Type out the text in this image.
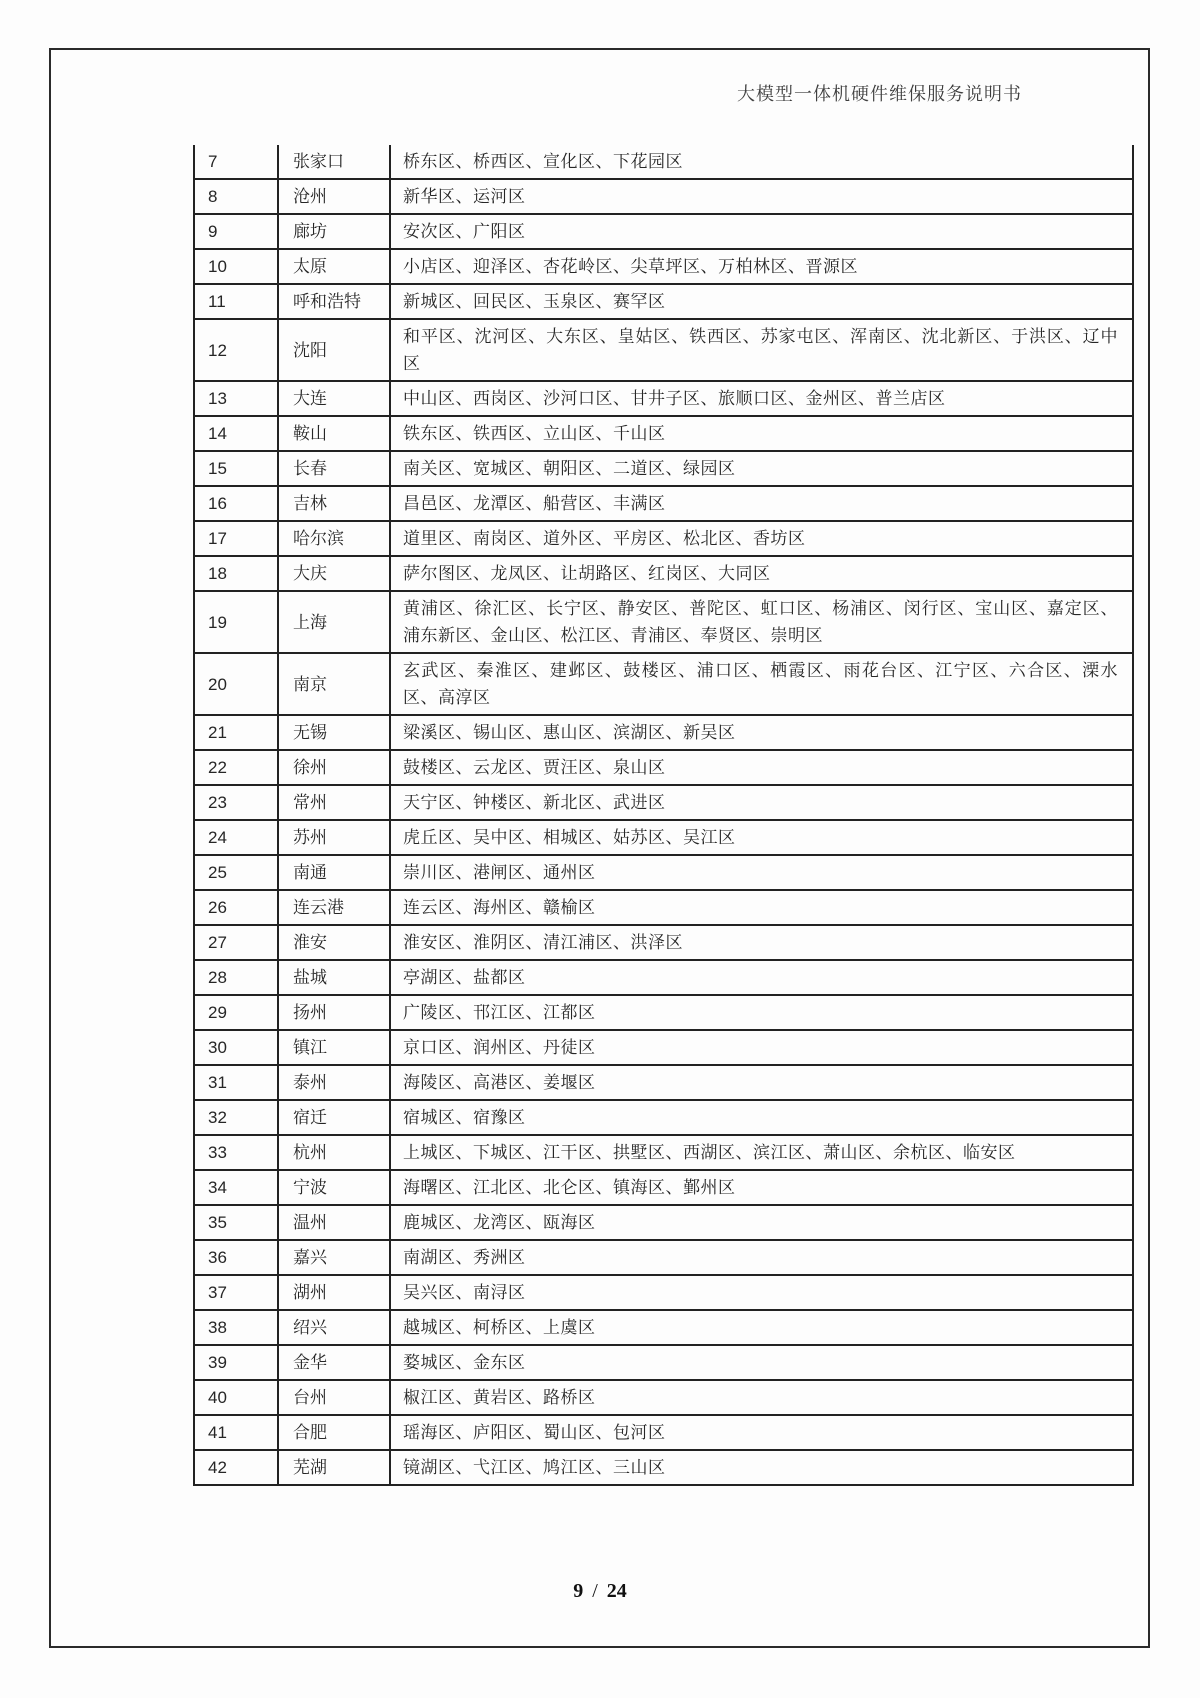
大模型一体机硬件维保服务说明书
7	张家口	桥东区、桥西区、宣化区、下花园区
8	沧州	新华区、运河区
9	廊坊	安次区、广阳区
10	太原	小店区、迎泽区、杏花岭区、尖草坪区、万柏林区、晋源区
11	呼和浩特	新城区、回民区、玉泉区、赛罕区
12	沈阳	和平区、沈河区、大东区、皇姑区、铁西区、苏家屯区、浑南区、沈北新区、于洪区、辽中区
13	大连	中山区、西岗区、沙河口区、甘井子区、旅顺口区、金州区、普兰店区
14	鞍山	铁东区、铁西区、立山区、千山区
15	长春	南关区、宽城区、朝阳区、二道区、绿园区
16	吉林	昌邑区、龙潭区、船营区、丰满区
17	哈尔滨	道里区、南岗区、道外区、平房区、松北区、香坊区
18	大庆	萨尔图区、龙凤区、让胡路区、红岗区、大同区
19	上海	黄浦区、徐汇区、长宁区、静安区、普陀区、虹口区、杨浦区、闵行区、宝山区、嘉定区、浦东新区、金山区、松江区、青浦区、奉贤区、崇明区
20	南京	玄武区、秦淮区、建邺区、鼓楼区、浦口区、栖霞区、雨花台区、江宁区、六合区、溧水区、高淳区
21	无锡	梁溪区、锡山区、惠山区、滨湖区、新吴区
22	徐州	鼓楼区、云龙区、贾汪区、泉山区
23	常州	天宁区、钟楼区、新北区、武进区
24	苏州	虎丘区、吴中区、相城区、姑苏区、吴江区
25	南通	崇川区、港闸区、通州区
26	连云港	连云区、海州区、赣榆区
27	淮安	淮安区、淮阴区、清江浦区、洪泽区
28	盐城	亭湖区、盐都区
29	扬州	广陵区、邗江区、江都区
30	镇江	京口区、润州区、丹徒区
31	泰州	海陵区、高港区、姜堰区
32	宿迁	宿城区、宿豫区
33	杭州	上城区、下城区、江干区、拱墅区、西湖区、滨江区、萧山区、余杭区、临安区
34	宁波	海曙区、江北区、北仑区、镇海区、鄞州区
35	温州	鹿城区、龙湾区、瓯海区
36	嘉兴	南湖区、秀洲区
37	湖州	吴兴区、南浔区
38	绍兴	越城区、柯桥区、上虞区
39	金华	婺城区、金东区
40	台州	椒江区、黄岩区、路桥区
41	合肥	瑶海区、庐阳区、蜀山区、包河区
42	芜湖	镜湖区、弋江区、鸠江区、三山区
9 / 24
